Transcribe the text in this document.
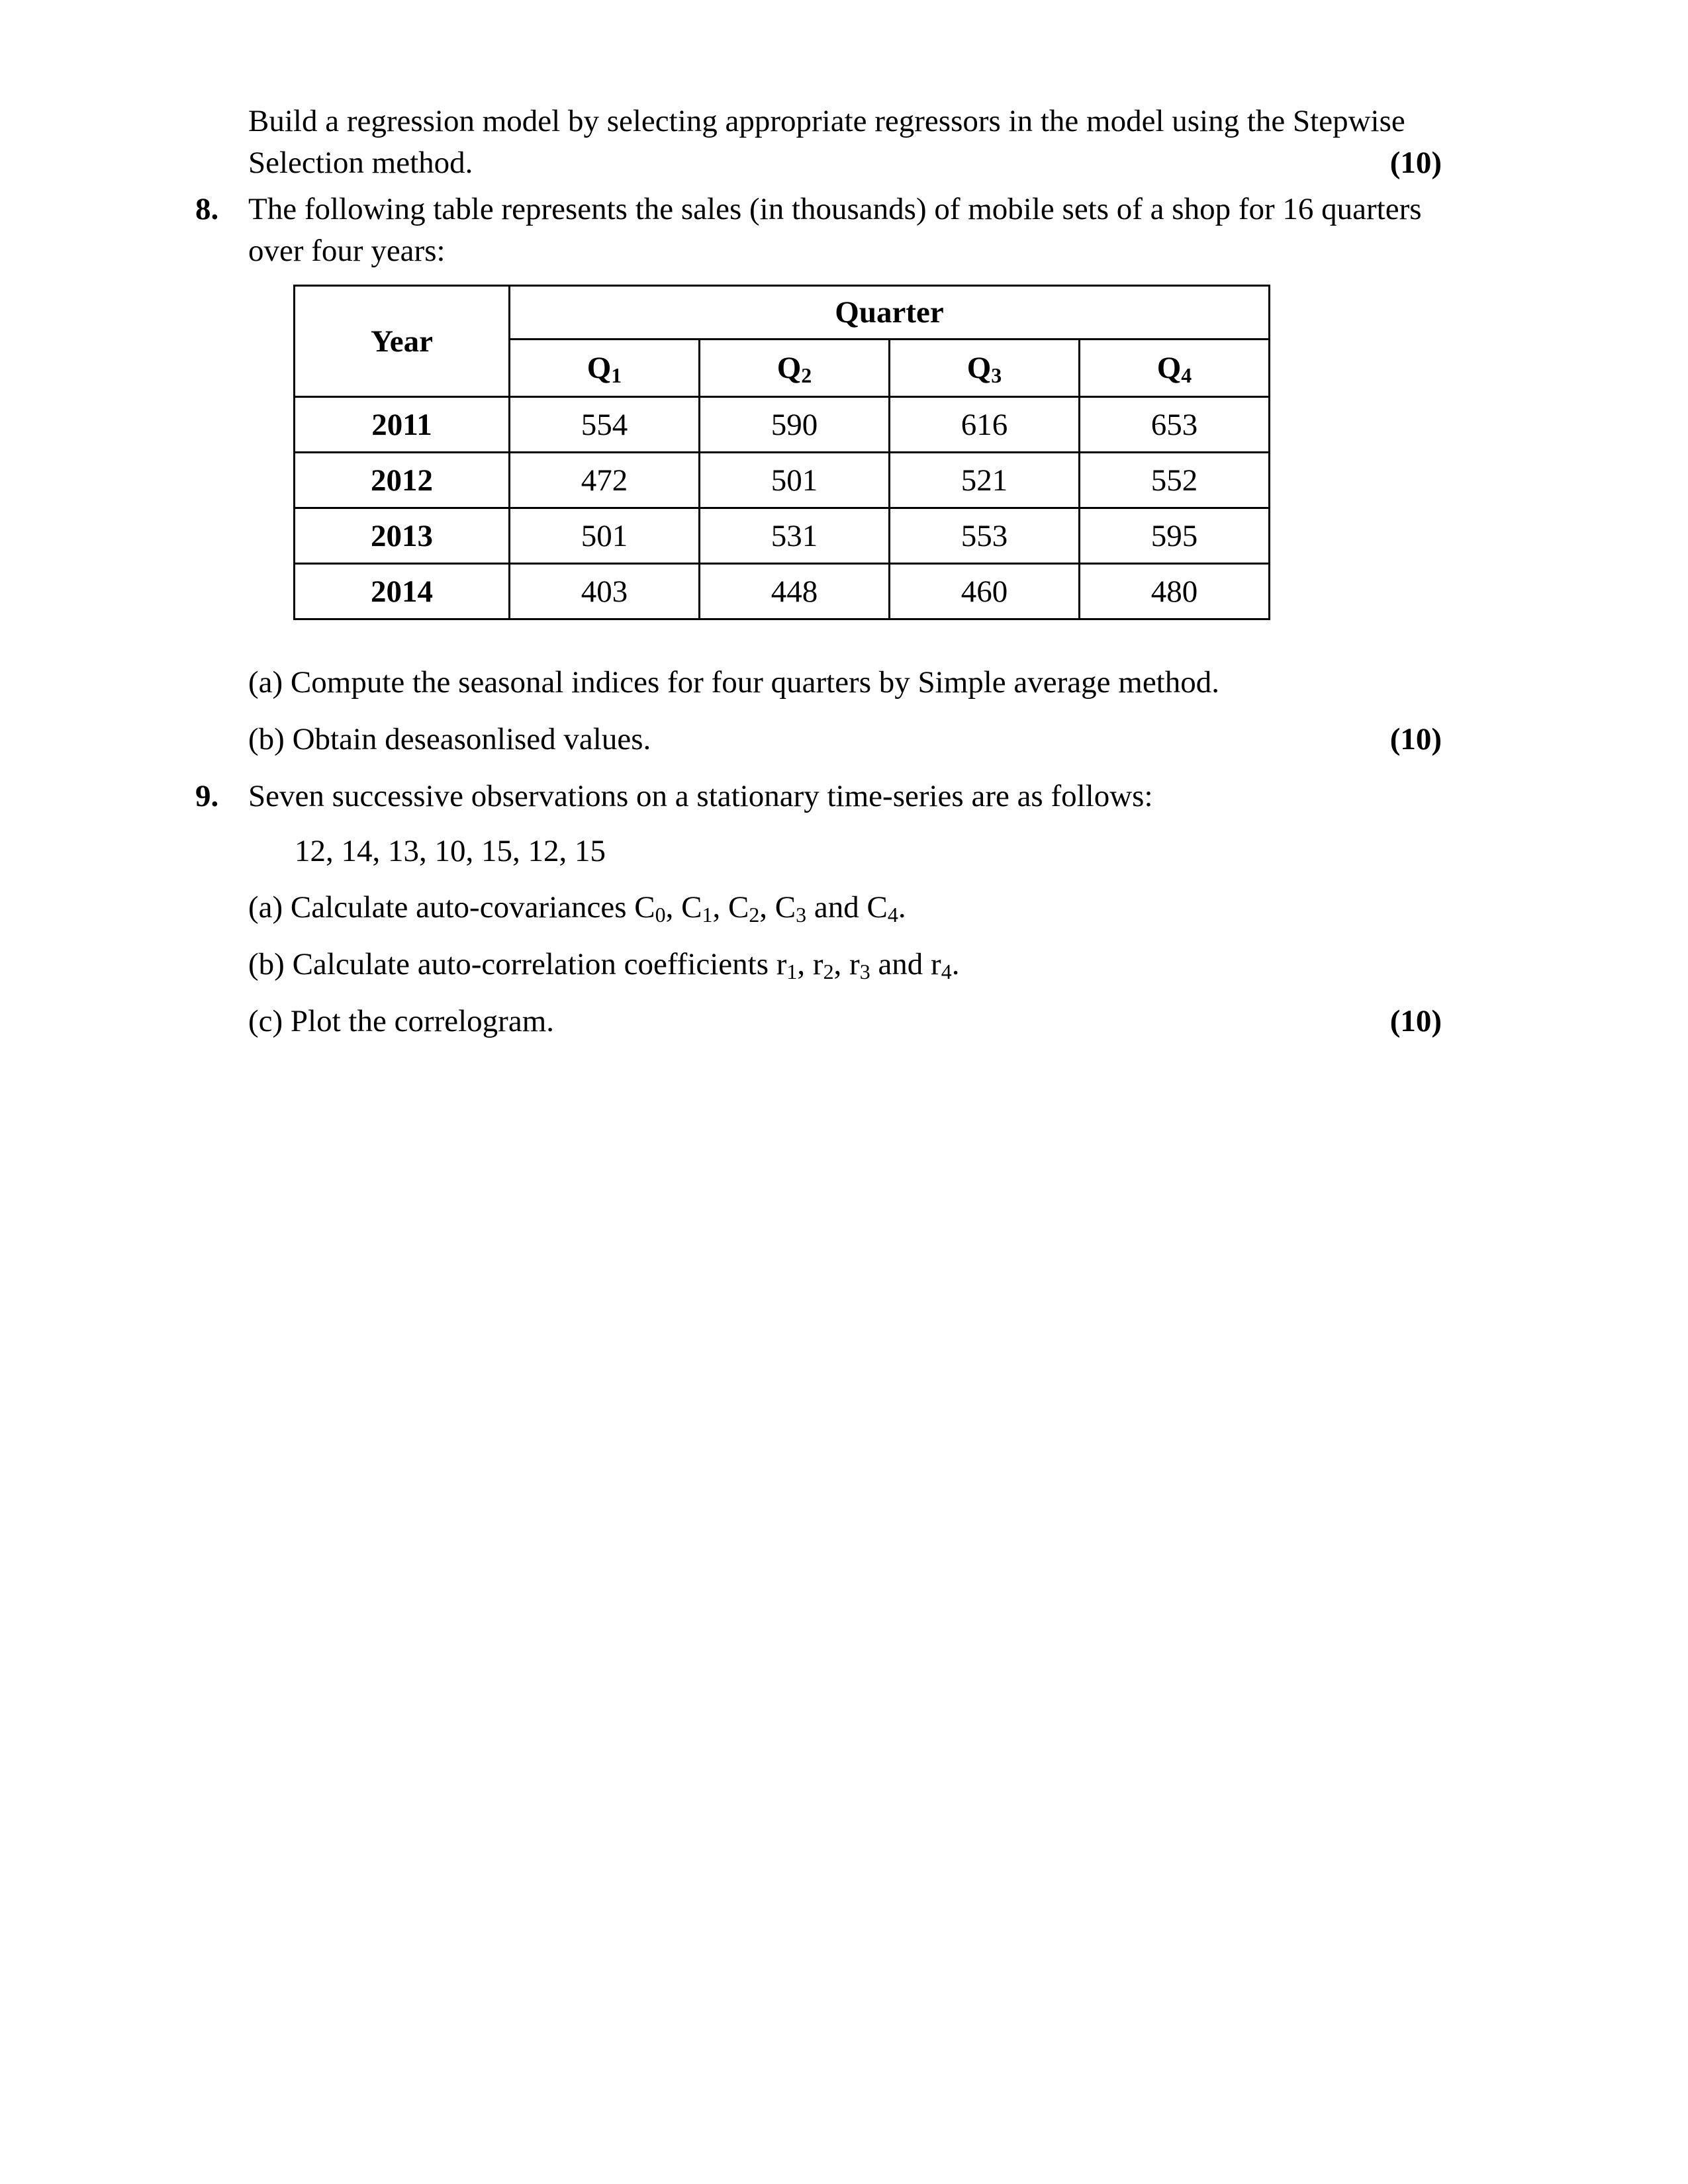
Build a regression model by selecting appropriate regressors in the model using the Stepwise
Selection method.	(10)
8. The following table represents the sales (in thousands) of mobile sets of a shop for 16 quarters
over four years:
Year	Quarter			
	$Q_1$	$Q_2$	$Q_3$	$Q_4$
2011	554	590	616	653
2012	472	501	521	552
2013	501	531	553	595
2014	403	448	460	480
(a) Compute the seasonal indices for four quarters by Simple average method.
(b) Obtain deseasonlised values.	(10)
9. Seven successive observations on a stationary time-series are as follows:
12, 14, 13, 10, 15, 12, 15
(a) Calculate auto-covariances $C_0$, $C_1$, $C_2$, $C_3$ and $C_4$.
(b) Calculate auto-correlation coefficients $r_1$, $r_2$, $r_3$ and $r_4$.
(c) Plot the correlogram.	(10)
